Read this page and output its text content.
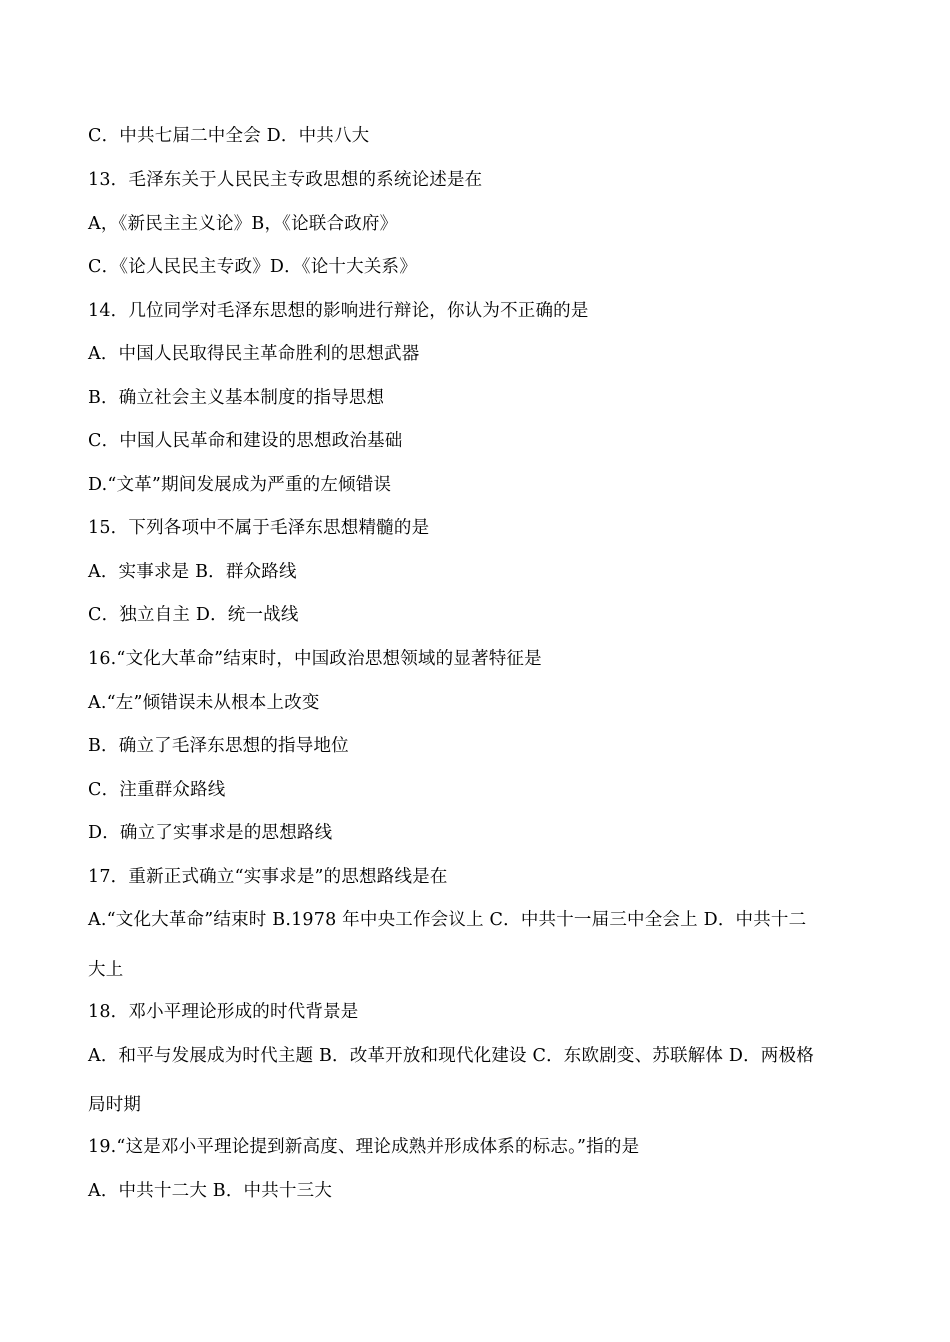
C．中共七届二中全会 D．中共八大
13．毛泽东关于人民民主专政思想的系统论述是在
A，《新民主主义论》B，《论联合政府》
C．《论人民民主专政》D．《论十大关系》
14．几位同学对毛泽东思想的影响进行辩论，你认为不正确的是
A．中国人民取得民主革命胜利的思想武器
B．确立社会主义基本制度的指导思想
C．中国人民革命和建设的思想政治基础
D.“文革”期间发展成为严重的左倾错误
15．下列各项中不属于毛泽东思想精髓的是
A．实事求是 B．群众路线
C．独立自主 D．统一战线
16.“文化大革命”结束时，中国政治思想领域的显著特征是
A.“左”倾错误未从根本上改变
B．确立了毛泽东思想的指导地位
C．注重群众路线
D．确立了实事求是的思想路线
17．重新正式确立“实事求是”的思想路线是在
A.“文化大革命”结束时 B.1978 年中央工作会议上 C．中共十一届三中全会上 D．中共十二
大上
18．邓小平理论形成的时代背景是
A．和平与发展成为时代主题 B．改革开放和现代化建设 C．东欧剧变、苏联解体 D．两极格
局时期
19.“这是邓小平理论提到新高度、理论成熟并形成体系的标志。”指的是
A．中共十二大 B．中共十三大
